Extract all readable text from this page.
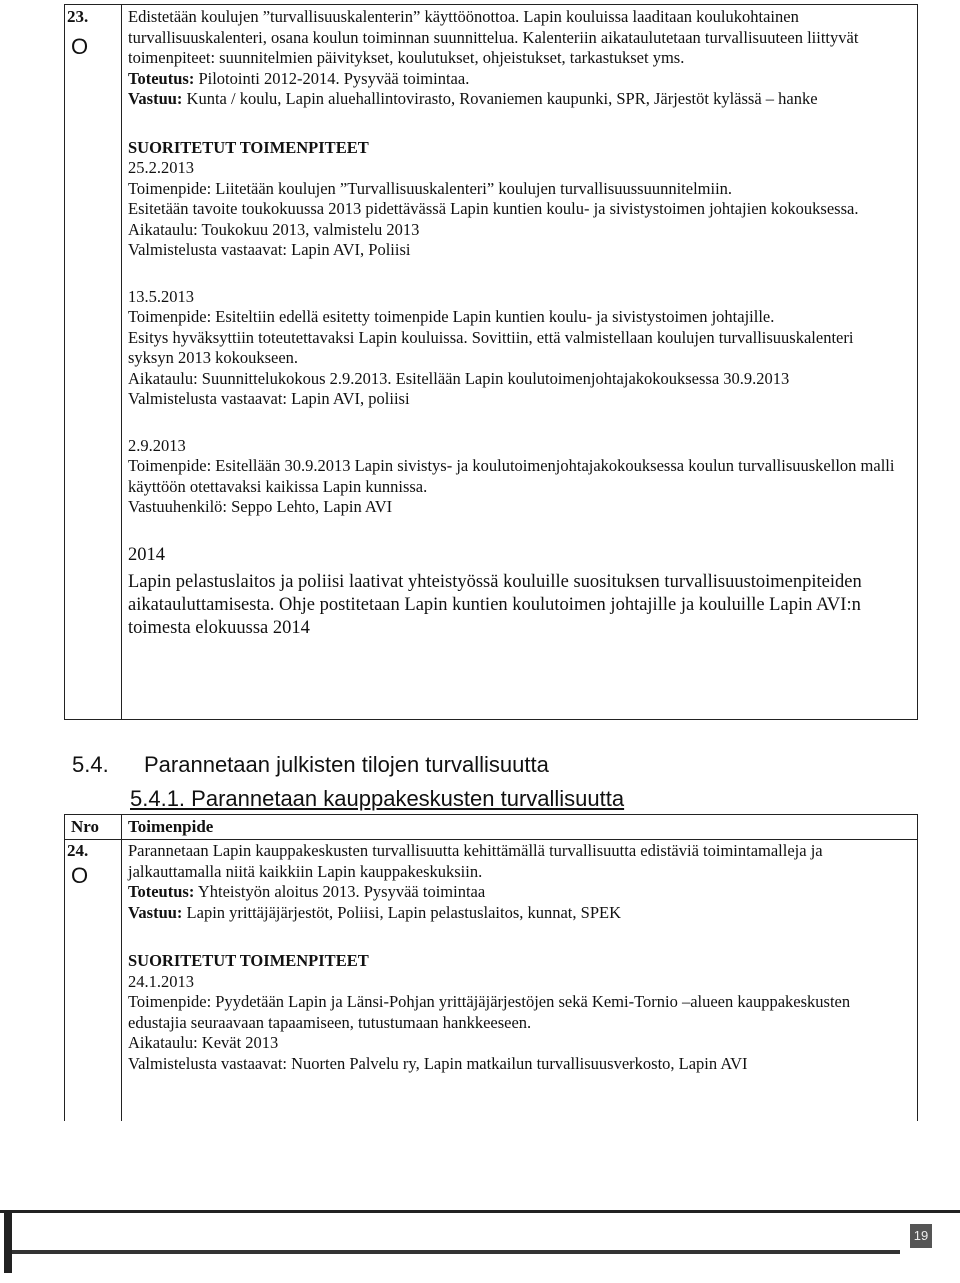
23.
O

Edistetään koulujen ”turvallisuuskalenterin” käyttöönottoa. Lapin kouluissa laaditaan koulukohtainen turvallisuuskalenteri, osana koulun toiminnan suunnittelua. Kalenteriin aikataulutetaan turvallisuuteen liittyvät toimenpiteet: suunnitelmien päivitykset, koulutukset, ohjeistukset, tarkastukset yms.

Toteutus: Pilotointi 2012-2014. Pysyvää toimintaa.

Vastuu: Kunta / koulu, Lapin aluehallintovirasto, Rovaniemen kaupunki, SPR, Järjestöt kylässä – hanke

SUORITETUT TOIMENPITEET

25.2.2013

Toimenpide: Liitetään koulujen ”Turvallisuuskalenteri” koulujen turvallisuussuunnitelmiin.

Esitetään tavoite toukokuussa 2013 pidettävässä Lapin kuntien koulu- ja sivistystoimen johtajien kokouksessa.

Aikataulu: Toukokuu 2013, valmistelu 2013

Valmistelusta vastaavat: Lapin AVI, Poliisi

13.5.2013

Toimenpide: Esiteltiin edellä esitetty toimenpide Lapin kuntien koulu- ja sivistystoimen johtajille.

Esitys hyväksyttiin toteutettavaksi Lapin kouluissa. Sovittiin, että valmistellaan koulujen turvallisuuskalenteri syksyn 2013 kokoukseen.

Aikataulu: Suunnittelukokous 2.9.2013. Esitellään Lapin koulutoimenjohtajakokouksessa 30.9.2013

Valmistelusta vastaavat: Lapin AVI, poliisi

2.9.2013

Toimenpide: Esitellään 30.9.2013 Lapin sivistys- ja koulutoimenjohtajakokouksessa koulun turvallisuuskellon malli käyttöön otettavaksi kaikissa Lapin kunnissa.

Vastuuhenkilö: Seppo Lehto, Lapin AVI

2014

Lapin pelastuslaitos ja poliisi laativat yhteistyössä kouluille suosituksen turvallisuustoimenpiteiden aikatauluttamisesta. Ohje postitetaan Lapin kuntien koulutoimen johtajille ja kouluille Lapin AVI:n toimesta elokuussa 2014

5.4. Parannetaan julkisten tilojen turvallisuutta
5.4.1. Parannetaan kauppakeskusten turvallisuutta
Nro Toimenpide
24.
O

Parannetaan Lapin kauppakeskusten turvallisuutta kehittämällä turvallisuutta edistäviä toimintamalleja ja jalkauttamalla niitä kaikkiin Lapin kauppakeskuksiin.

Toteutus: Yhteistyön aloitus 2013. Pysyvää toimintaa

Vastuu: Lapin yrittäjäjärjestöt, Poliisi, Lapin pelastuslaitos, kunnat, SPEK

SUORITETUT TOIMENPITEET

24.1.2013

Toimenpide: Pyydetään Lapin ja Länsi-Pohjan yrittäjäjärjestöjen sekä Kemi-Tornio –alueen kauppakeskusten edustajia seuraavaan tapaamiseen, tutustumaan hankkeeseen.

Aikataulu: Kevät 2013

Valmistelusta vastaavat: Nuorten Palvelu ry, Lapin matkailun turvallisuusverkosto, Lapin AVI

19
